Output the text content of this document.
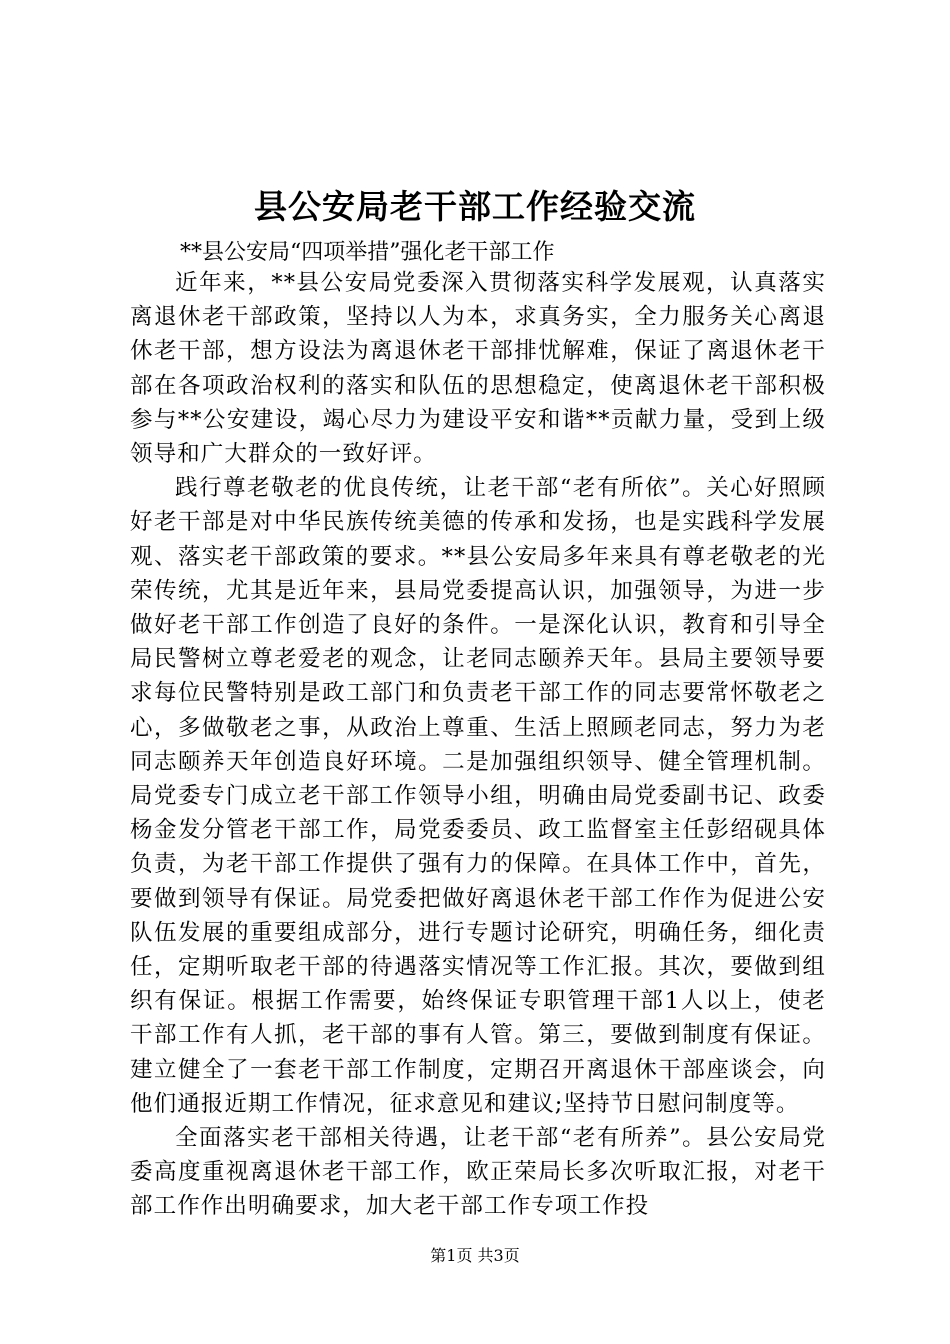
县公安局老干部工作经验交流

**县公安局“四项举措”强化老干部工作

近年来，**县公安局党委深入贯彻落实科学发展观，认真落实离退休老干部政策，坚持以人为本，求真务实，全力服务关心离退休老干部，想方设法为离退休老干部排忧解难，保证了离退休老干部在各项政治权利的落实和队伍的思想稳定，使离退休老干部积极参与**公安建设，竭心尽力为建设平安和谐**贡献力量，受到上级领导和广大群众的一致好评。

践行尊老敬老的优良传统，让老干部“老有所依”。关心好照顾好老干部是对中华民族传统美德的传承和发扬，也是实践科学发展观、落实老干部政策的要求。**县公安局多年来具有尊老敬老的光荣传统，尤其是近年来，县局党委提高认识，加强领导，为进一步做好老干部工作创造了良好的条件。一是深化认识，教育和引导全局民警树立尊老爱老的观念，让老同志颐养天年。县局主要领导要求每位民警特别是政工部门和负责老干部工作的同志要常怀敬老之心，多做敬老之事，从政治上尊重、生活上照顾老同志，努力为老同志颐养天年创造良好环境。二是加强组织领导、健全管理机制。局党委专门成立老干部工作领导小组，明确由局党委副书记、政委杨金发分管老干部工作，局党委委员、政工监督室主任彭绍砚具体负责，为老干部工作提供了强有力的保障。在具体工作中，首先，要做到领导有保证。局党委把做好离退休老干部工作作为促进公安队伍发展的重要组成部分，进行专题讨论研究，明确任务，细化责任，定期听取老干部的待遇落实情况等工作汇报。其次，要做到组织有保证。根据工作需要，始终保证专职管理干部1人以上，使老干部工作有人抓，老干部的事有人管。第三，要做到制度有保证。建立健全了一套老干部工作制度，定期召开离退休干部座谈会，向他们通报近期工作情况，征求意见和建议;坚持节日慰问制度等。

全面落实老干部相关待遇，让老干部“老有所养”。县公安局党委高度重视离退休老干部工作，欧正荣局长多次听取汇报，对老干部工作作出明确要求，加大老干部工作专项工作投

第1页 共3页
